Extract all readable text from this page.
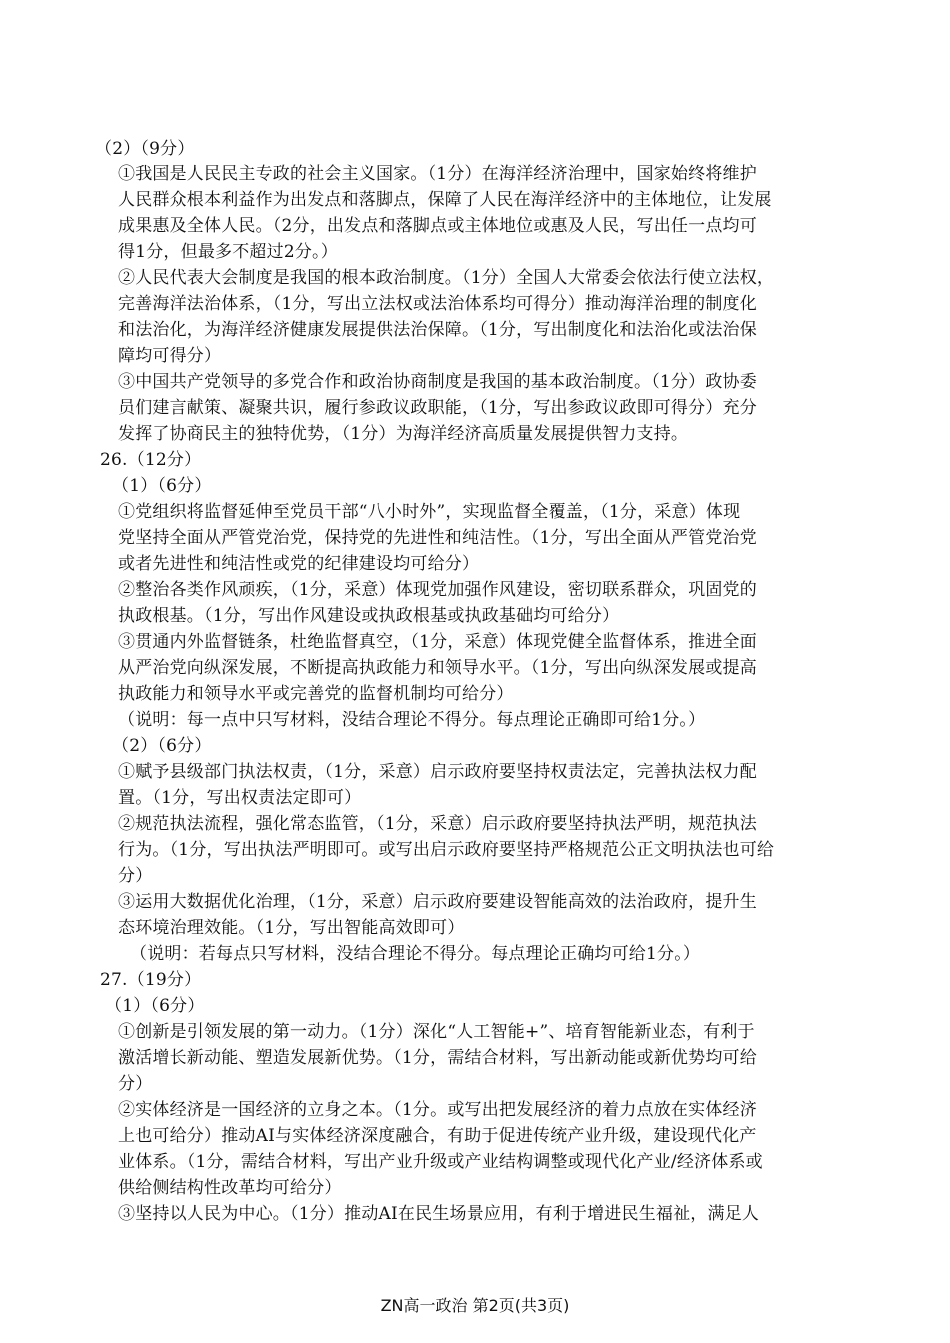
（2）（9分）
①我国是人民民主专政的社会主义国家。（1分）在海洋经济治理中，国家始终将维护
人民群众根本利益作为出发点和落脚点，保障了人民在海洋经济中的主体地位，让发展
成果惠及全体人民。（2分，出发点和落脚点或主体地位或惠及人民，写出任一点均可
得1分，但最多不超过2分。）
②人民代表大会制度是我国的根本政治制度。（1分）全国人大常委会依法行使立法权，
完善海洋法治体系，（1分，写出立法权或法治体系均可得分）推动海洋治理的制度化
和法治化，为海洋经济健康发展提供法治保障。（1分，写出制度化和法治化或法治保
障均可得分）
③中国共产党领导的多党合作和政治协商制度是我国的基本政治制度。（1分）政协委
员们建言献策、凝聚共识，履行参政议政职能，（1分，写出参政议政即可得分）充分
发挥了协商民主的独特优势，（1分）为海洋经济高质量发展提供智力支持。
26.（12分）
（1）（6分）
①党组织将监督延伸至党员干部“八小时外”，实现监督全覆盖，（1分，采意）体现
党坚持全面从严管党治党，保持党的先进性和纯洁性。（1分，写出全面从严管党治党
或者先进性和纯洁性或党的纪律建设均可给分）
②整治各类作风顽疾，（1分，采意）体现党加强作风建设，密切联系群众，巩固党的
执政根基。（1分，写出作风建设或执政根基或执政基础均可给分）
③贯通内外监督链条，杜绝监督真空，（1分，采意）体现党健全监督体系，推进全面
从严治党向纵深发展，不断提高执政能力和领导水平。（1分，写出向纵深发展或提高
执政能力和领导水平或完善党的监督机制均可给分）
（说明：每一点中只写材料，没结合理论不得分。每点理论正确即可给1分。）
（2）（6分）
①赋予县级部门执法权责，（1分，采意）启示政府要坚持权责法定，完善执法权力配
置。（1分，写出权责法定即可）
②规范执法流程，强化常态监管，（1分，采意）启示政府要坚持执法严明，规范执法
行为。（1分，写出执法严明即可。或写出启示政府要坚持严格规范公正文明执法也可给
分）
③运用大数据优化治理，（1分，采意）启示政府要建设智能高效的法治政府，提升生
态环境治理效能。（1分，写出智能高效即可）
（说明：若每点只写材料，没结合理论不得分。每点理论正确均可给1分。）
27.（19分）
（1）（6分）
①创新是引领发展的第一动力。（1分）深化“人工智能+”、培育智能新业态，有利于
激活增长新动能、塑造发展新优势。（1分，需结合材料，写出新动能或新优势均可给
分）
②实体经济是一国经济的立身之本。（1分。或写出把发展经济的着力点放在实体经济
上也可给分）推动AI与实体经济深度融合，有助于促进传统产业升级，建设现代化产
业体系。（1分，需结合材料，写出产业升级或产业结构调整或现代化产业/经济体系或
供给侧结构性改革均可给分）
③坚持以人民为中心。（1分）推动AI在民生场景应用，有利于增进民生福祉，满足人
ZN高一政治 第2页(共3页)
